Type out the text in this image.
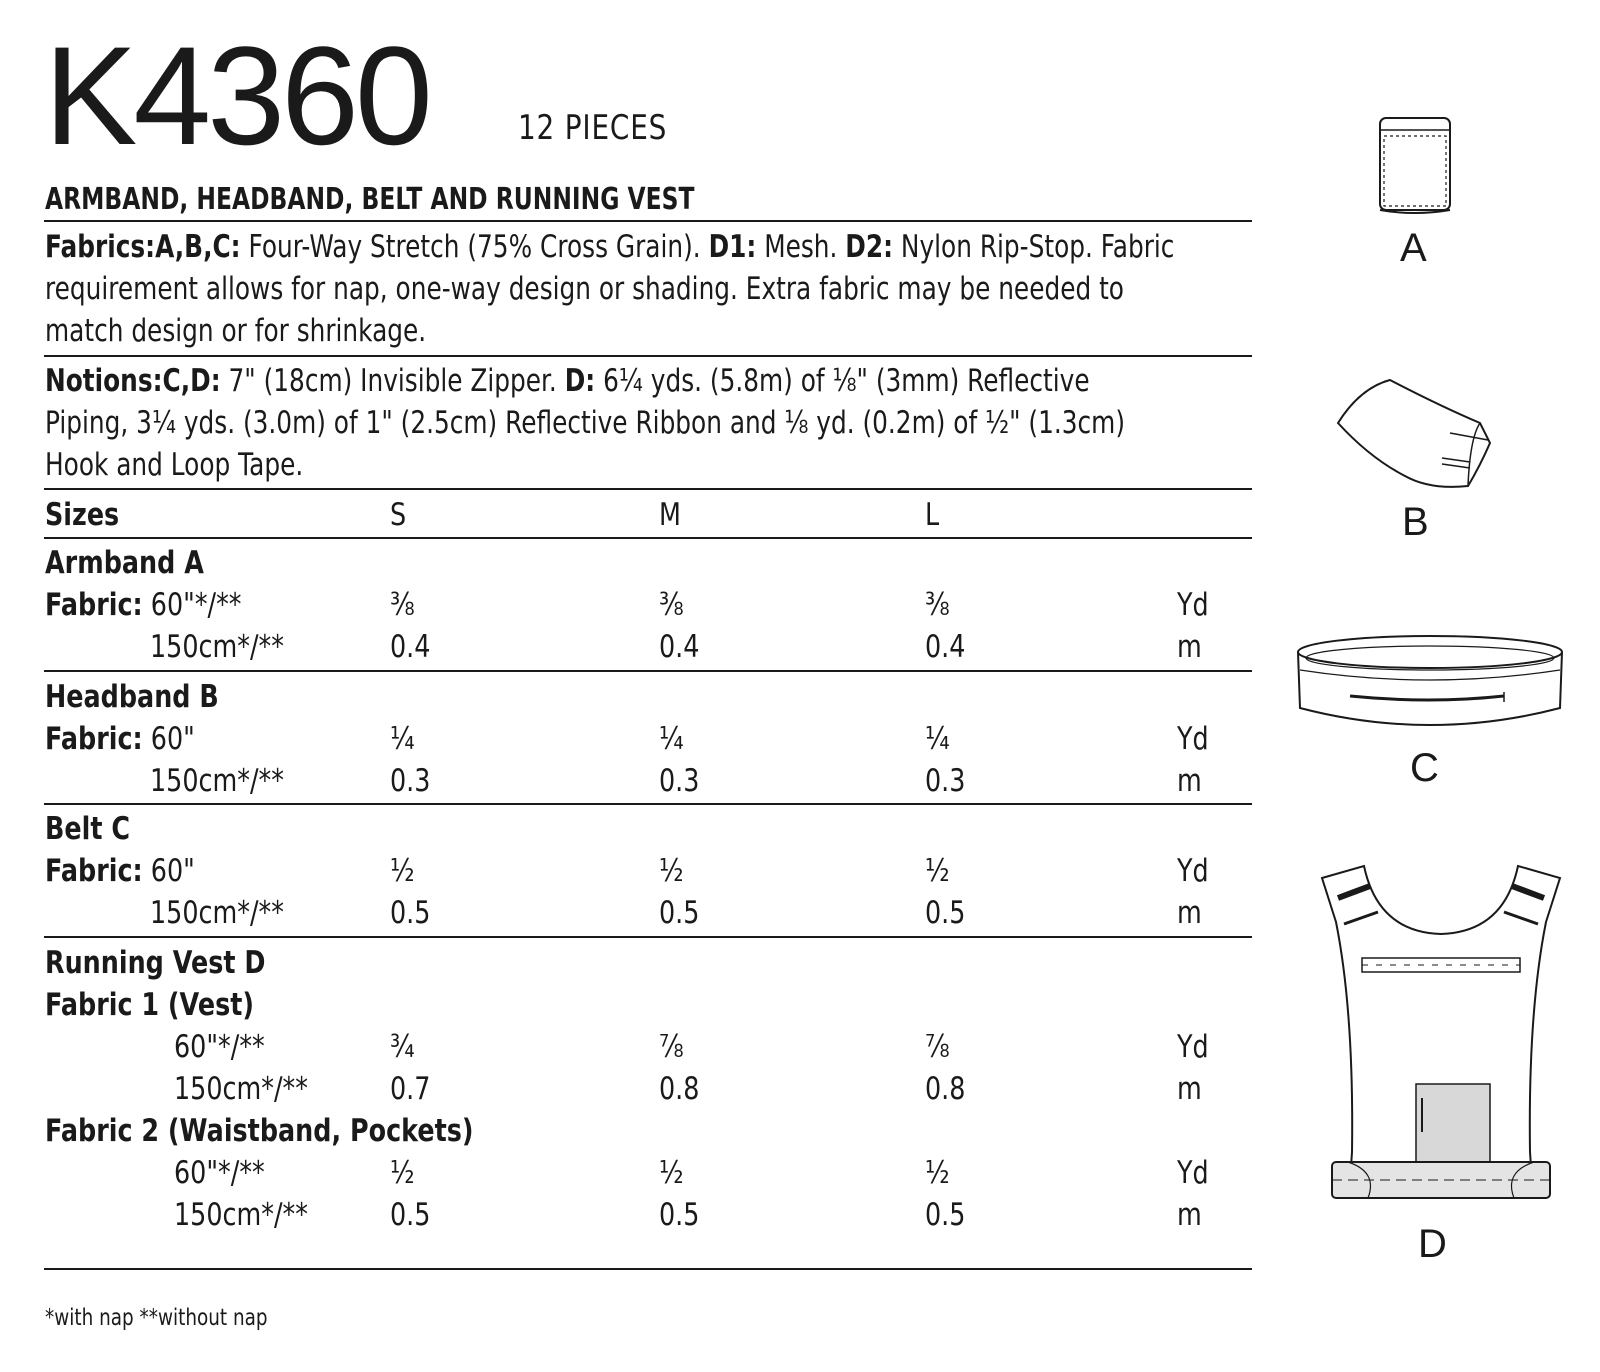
K4360	12 PIECES
ARMBAND, HEADBAND, BELT AND RUNNING VEST
Fabrics:A,B,C: Four-Way Stretch (75% Cross Grain). D1: Mesh. D2: Nylon Rip-Stop. Fabric
requirement allows for nap, one-way design or shading. Extra fabric may be needed to
match design or for shrinkage.
Notions:C,D: 7" (18cm) Invisible Zipper. D: 6¼ yds. (5.8m) of ⅛" (3mm) Reflective
Piping, 3¼ yds. (3.0m) of 1" (2.5cm) Reflective Ribbon and ⅛ yd. (0.2m) of ½" (1.3cm)
Hook and Loop Tape.
Sizes	S	M	L
Armband A
Fabric: 60"*/**	⅜	⅜	⅜	Yd
150cm*/**	0.4	0.4	0.4	m
Headband B
Fabric: 60"	¼	¼	¼	Yd
150cm*/**	0.3	0.3	0.3	m
Belt C
Fabric: 60"	½	½	½	Yd
150cm*/**	0.5	0.5	0.5	m
Running Vest D
Fabric 1 (Vest)
60"*/**	¾	⅞	⅞	Yd
150cm*/**	0.7	0.8	0.8	m
Fabric 2 (Waistband, Pockets)
60"*/**	½	½	½	Yd
150cm*/**	0.5	0.5	0.5	m
*with nap **without nap
A
B
C
D
